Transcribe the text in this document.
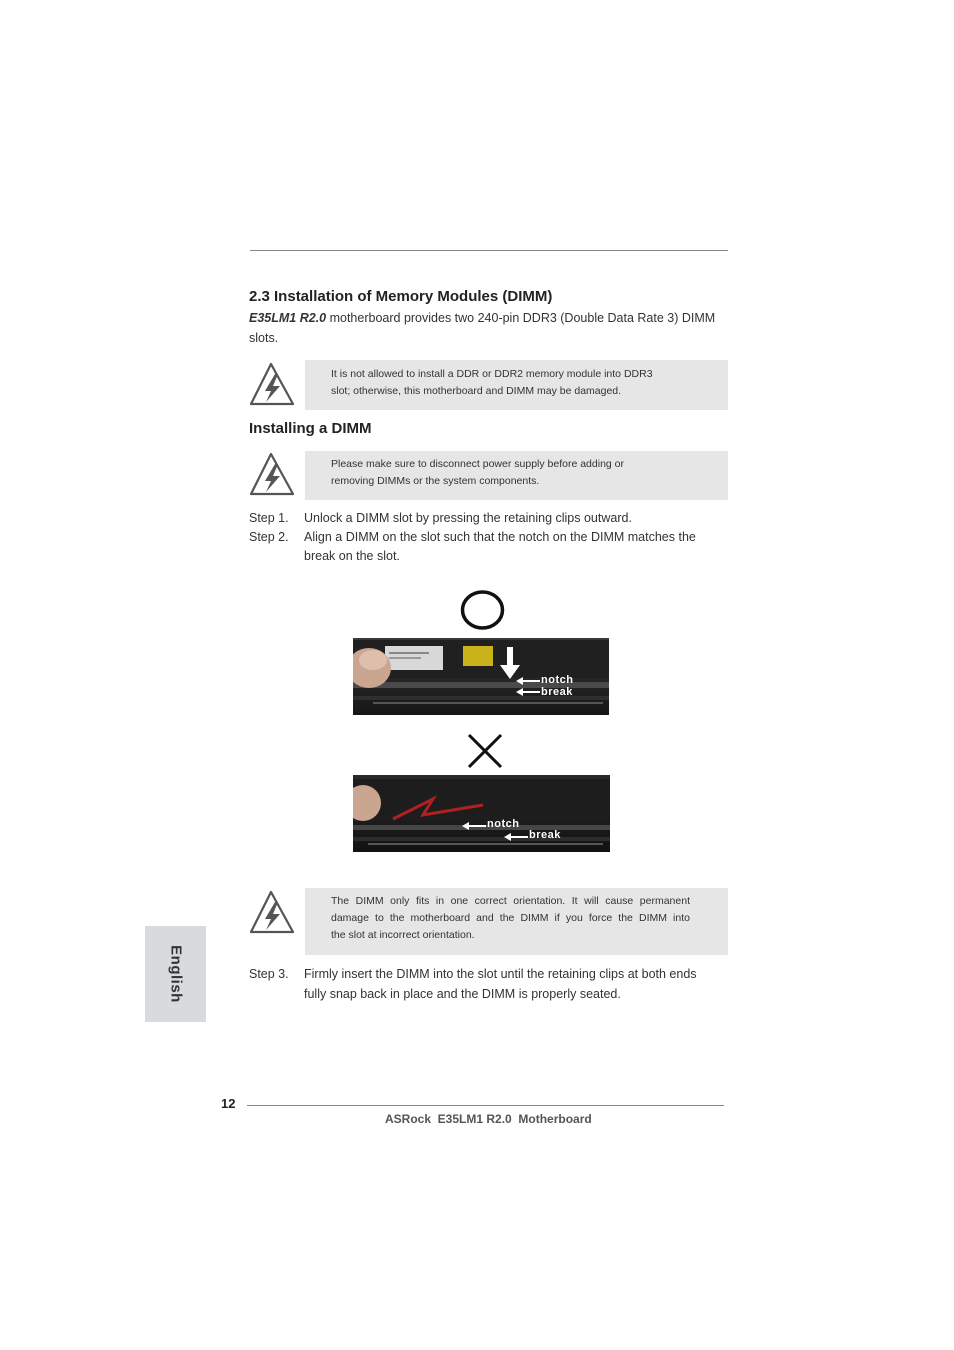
2.3 Installation of Memory Modules (DIMM)
E35LM1 R2.0 motherboard provides two 240-pin DDR3 (Double Data Rate 3) DIMM
slots.
It is not allowed to install a DDR or DDR2 memory module into DDR3
slot; otherwise, this motherboard and DIMM may be damaged.
Installing a DIMM
Please make sure to disconnect power supply before adding or
removing DIMMs or the system components.
Step 1. Unlock a DIMM slot by pressing the retaining clips outward.
Step 2. Align a DIMM on the slot such that the notch on the DIMM matches the
break on the slot.
notch
break
notch
break
The DIMM only fits in one correct orientation. It will cause permanent
damage to the motherboard and the DIMM if you force the DIMM into
the slot at incorrect orientation.
Step 3. Firmly insert the DIMM into the slot until the retaining clips at both ends
fully snap back in place and the DIMM is properly seated.
English
12
ASRock  E35LM1 R2.0  Motherboard
